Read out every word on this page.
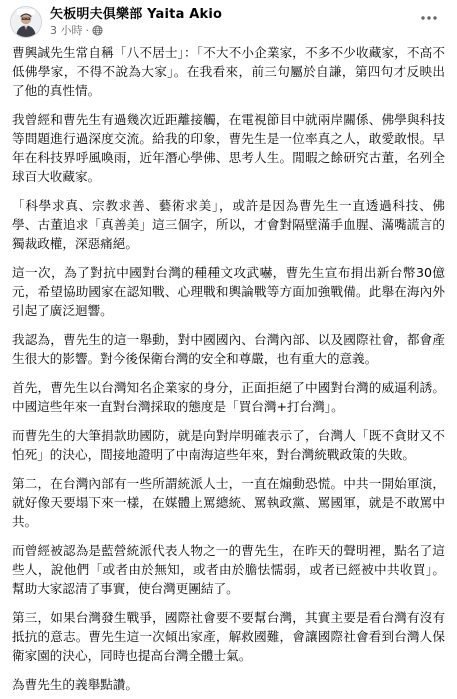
矢板明夫俱樂部 Yaita Akio
3 小時 ·

曹興誠先生常自稱「八不居士」：「不大不小企業家，不多不少收藏家，不高不低佛學家，不得不說為大家」。在我看來，前三句屬於自謙，第四句才反映出了他的真性情。

我曾經和曹先生有過幾次近距離接觸，在電視節目中就兩岸關係、佛學與科技等問題進行過深度交流。給我的印象，曹先生是一位率真之人，敢愛敢恨。早年在科技界呼風喚雨，近年潛心學佛、思考人生。閒暇之餘研究古董，名列全球百大收藏家。

「科學求真、宗教求善、藝術求美」，或許是因為曹先生一直透過科技、佛學、古董追求「真善美」這三個字，所以，才會對隔壁滿手血腥、滿嘴謊言的獨裁政權，深惡痛絕。

這一次，為了對抗中國對台灣的種種文攻武嚇，曹先生宣布捐出新台幣30億元，希望協助國家在認知戰、心理戰和輿論戰等方面加強戰備。此舉在海內外引起了廣泛迴響。

我認為，曹先生的這一舉動，對中國國內、台灣內部、以及國際社會，都會產生很大的影響。對今後保衛台灣的安全和尊嚴，也有重大的意義。

首先，曹先生以台灣知名企業家的身分，正面拒絕了中國對台灣的威逼利誘。中國這些年來一直對台灣採取的態度是「買台灣+打台灣」。

而曹先生的大筆捐款助國防，就是向對岸明確表示了，台灣人「既不貪財又不怕死」的決心，間接地證明了中南海這些年來，對台灣統戰政策的失敗。

第二，在台灣內部有一些所謂統派人士，一直在煽動恐慌。中共一開始軍演，就好像天要塌下來一樣，在媒體上罵總統、罵執政黨、罵國軍，就是不敢罵中共。

而曾經被認為是藍營統派代表人物之一的曹先生，在昨天的聲明裡，點名了這些人，說他們「或者由於無知，或者由於膽怯懦弱，或者已經被中共收買」。幫助大家認清了事實，使台灣更團結了。

第三，如果台灣發生戰爭，國際社會要不要幫台灣，其實主要是看台灣有沒有抵抗的意志。曹先生這一次傾出家產，解救國難，會讓國際社會看到台灣人保衛家園的決心，同時也提高台灣全體士氣。

為曹先生的義舉點讚。
